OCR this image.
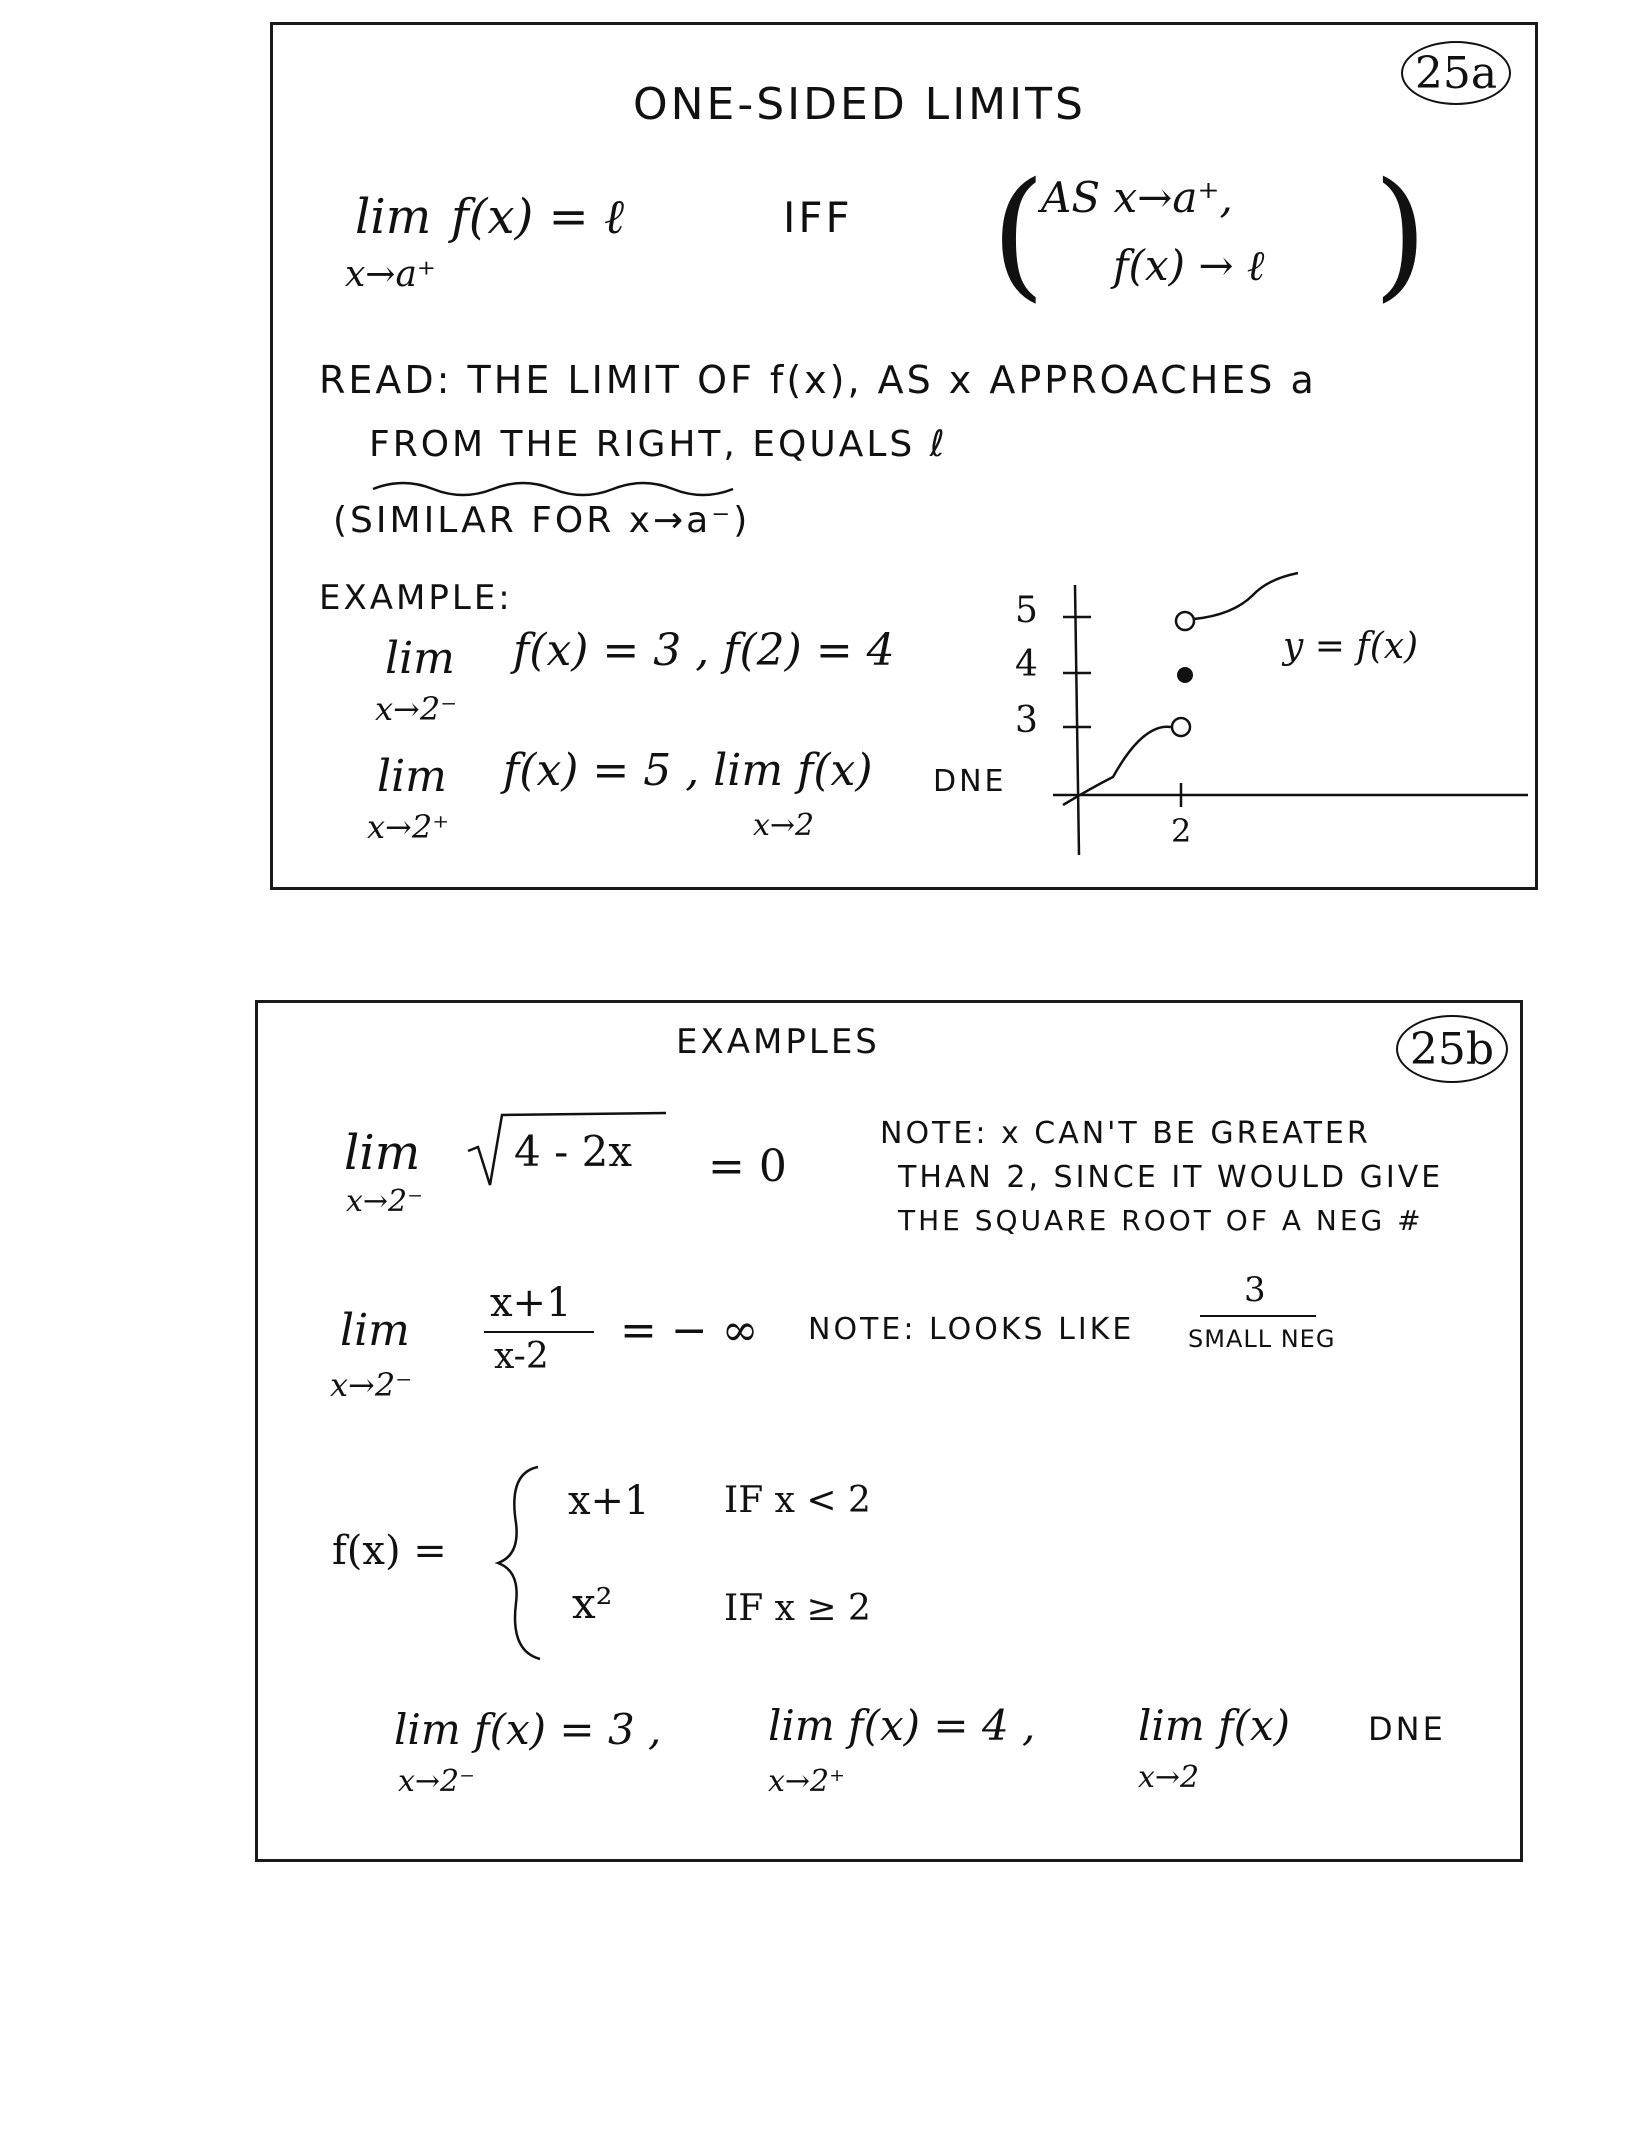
25a
ONE-SIDED LIMITS
lim
x→a⁺
f(x) = ℓ	IFF (
AS x→a⁺,
f(x) → ℓ )
READ: THE LIMIT OF f(x), AS x APPROACHES a
FROM THE RIGHT, EQUALS ℓ
(SIMILAR FOR x→a⁻)
EXAMPLE:
lim
x→2⁻
f(x) = 3 , f(2) = 4
lim
x→2⁺
f(x) = 5 , lim f(x)
x→2
DNE
5
4
3
2
y = f(x)
25b
EXAMPLES
lim
x→2⁻
4 - 2x = 0
NOTE: x CAN'T BE GREATER
THAN 2, SINCE IT WOULD GIVE
THE SQUARE ROOT OF A NEG #
lim
x→2⁻
x+1
x-2
= − ∞ NOTE: LOOKS LIKE
3
SMALL NEG
f(x) =
x+1 IF x < 2
x²	IF x ≥ 2
lim f(x) = 3 ,
x→2⁻
lim f(x) = 4 ,
x→2⁺
lim f(x)
x→2
DNE
